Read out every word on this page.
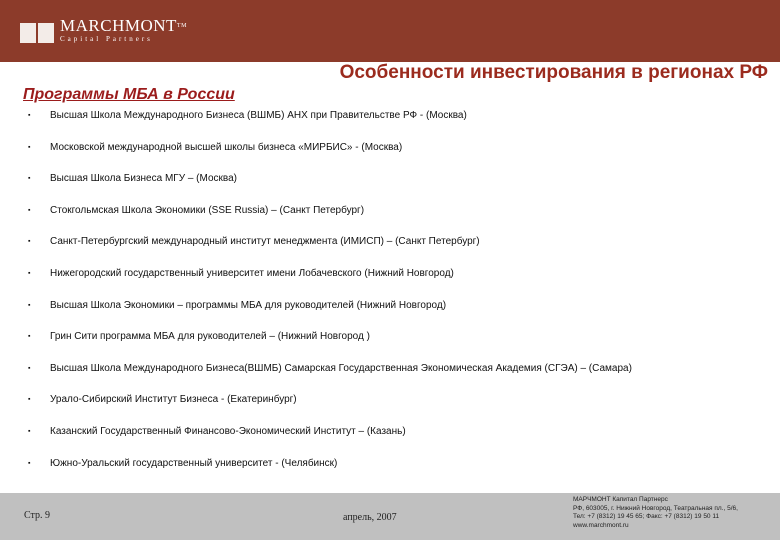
MARCHMONT™
Capital Partners
Особенности инвестирования в регионах РФ
Программы МБА в России
▪	Высшая Школа Международного Бизнеса (ВШМБ) АНХ при Правительстве РФ - (Москва)
▪	Московской международной высшей школы бизнеса «МИРБИС» - (Москва)
▪	Высшая Школа Бизнеса МГУ – (Москва)
▪	Стокгольмская Школа Экономики (SSE Russia) – (Санкт Петербург)
▪	Санкт-Петербургский международный институт менеджмента (ИМИСП) – (Санкт Петербург)
▪	Нижегородский государственный университет имени Лобачевского (Нижний Новгород)
▪	Высшая Школа Экономики – программы МБА для руководителей (Нижний Новгород)
▪	Грин Сити программа МБА для руководителей – (Нижний Новгород )
▪	Высшая Школа Международного Бизнеса(ВШМБ) Самарская Государственная Экономическая Академия (СГЭА) – (Самара)
▪	Урало-Сибирский Институт Бизнеса - (Екатеринбург)
▪	Казанский Государственный Финансово-Экономический Институт – (Казань)
▪	Южно-Уральский государственный университет - (Челябинск)
Стр. 9	апрель, 2007
МАРЧМОНТ Капитал Партнерс
РФ, 603005, г. Нижний Новгород, Театральная пл., 5/6,
Тел: +7 (8312) 19 45 65; Факс: +7 (8312) 19 50 11
www.marchmont.ru
